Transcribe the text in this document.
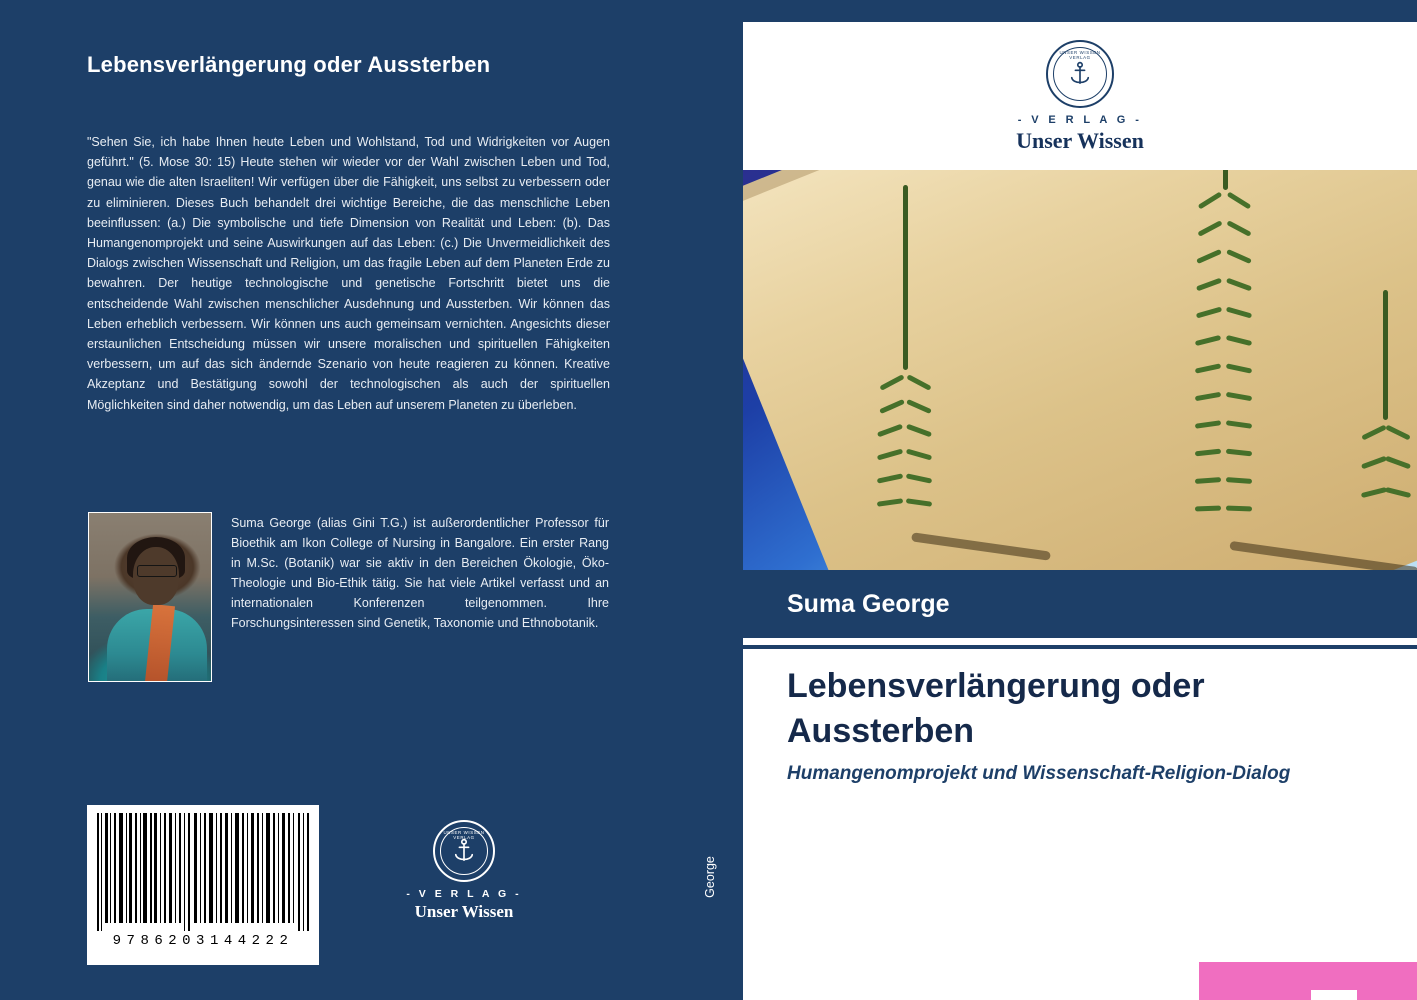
Lebensverlängerung oder Aussterben
"Sehen Sie, ich habe Ihnen heute Leben und Wohlstand, Tod und Widrigkeiten vor Augen geführt." (5. Mose 30: 15) Heute stehen wir wieder vor der Wahl zwischen Leben und Tod, genau wie die alten Israeliten! Wir verfügen über die Fähigkeit, uns selbst zu verbessern oder zu eliminieren. Dieses Buch behandelt drei wichtige Bereiche, die das menschliche Leben beeinflussen: (a.) Die symbolische und tiefe Dimension von Realität und Leben: (b). Das Humangenomprojekt und seine Auswirkungen auf das Leben: (c.) Die Unvermeidlichkeit des Dialogs zwischen Wissenschaft und Religion, um das fragile Leben auf dem Planeten Erde zu bewahren. Der heutige technologische und genetische Fortschritt bietet uns die entscheidende Wahl zwischen menschlicher Ausdehnung und Aussterben. Wir können das Leben erheblich verbessern. Wir können uns auch gemeinsam vernichten. Angesichts dieser erstaunlichen Entscheidung müssen wir unsere moralischen und spirituellen Fähigkeiten verbessern, um auf das sich ändernde Szenario von heute reagieren zu können. Kreative Akzeptanz und Bestätigung sowohl der technologischen als auch der spirituellen Möglichkeiten sind daher notwendig, um das Leben auf unserem Planeten zu überleben.
Suma George (alias Gini T.G.) ist außerordentlicher Professor für Bioethik am Ikon College of Nursing in Bangalore. Ein erster Rang in M.Sc. (Botanik) war sie aktiv in den Bereichen Ökologie, Öko-Theologie und Bio-Ethik tätig. Sie hat viele Artikel verfasst und an internationalen Konferenzen teilgenommen. Ihre Forschungsinteressen sind Genetik, Taxonomie und Ethnobotanik.
9786203144222
UNSER WISSEN VERLAG
- V E R L A G -
Unser Wissen
George
UNSER WISSEN VERLAG
- V E R L A G -
Unser Wissen
Suma George
Lebensverlängerung oder Aussterben
Humangenomprojekt und Wissenschaft-Religion-Dialog
